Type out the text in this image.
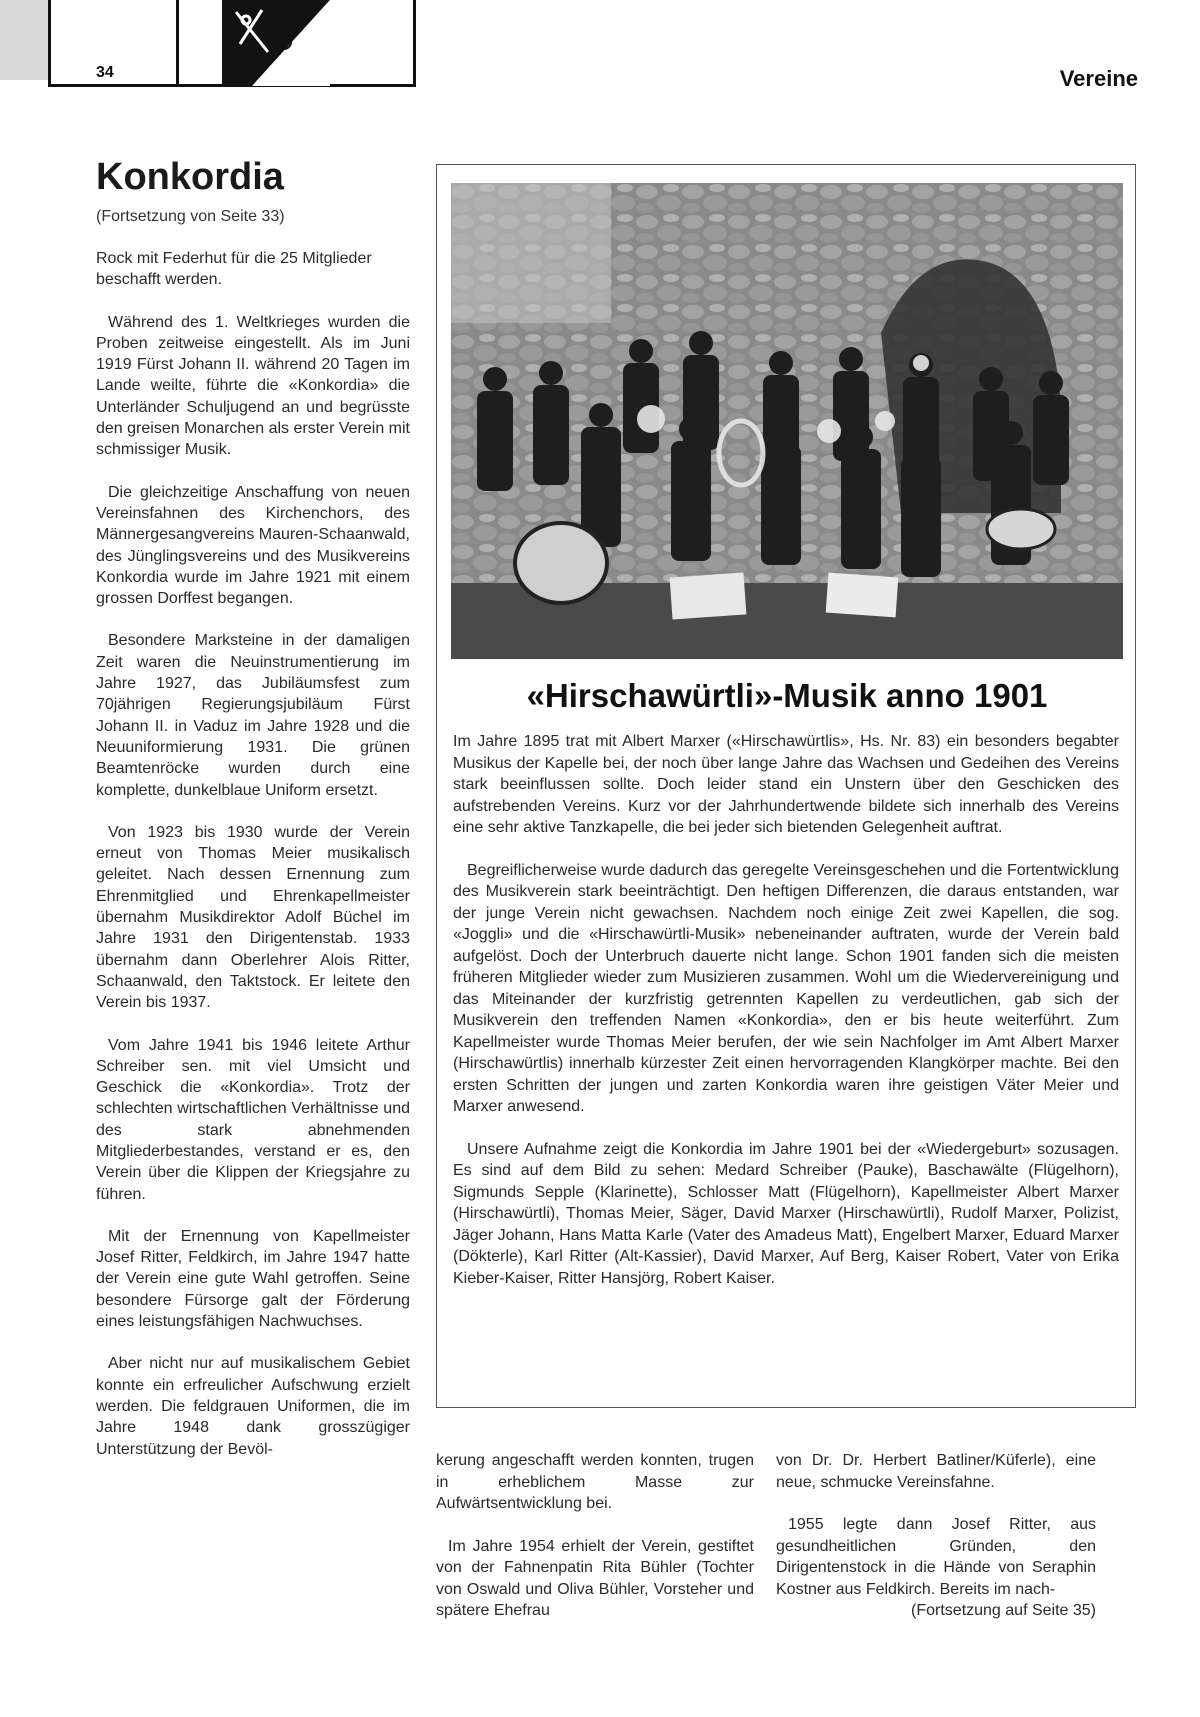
34	Vereine
Konkordia
(Fortsetzung von Seite 33)

Rock mit Federhut für die 25 Mitglieder beschafft werden.

Während des 1. Weltkrieges wurden die Proben zeitweise eingestellt. Als im Juni 1919 Fürst Johann II. während 20 Tagen im Lande weilte, führte die «Konkordia» die Unterländer Schuljugend an und begrüsste den greisen Monarchen als erster Verein mit schmissiger Musik.

Die gleichzeitige Anschaffung von neuen Vereinsfahnen des Kirchenchors, des Männergesangvereins Mauren-Schaanwald, des Jünglingsvereins und des Musikvereins Konkordia wurde im Jahre 1921 mit einem grossen Dorffest begangen.

Besondere Marksteine in der damaligen Zeit waren die Neuinstrumentierung im Jahre 1927, das Jubiläumsfest zum 70jährigen Regierungsjubiläum Fürst Johann II. in Vaduz im Jahre 1928 und die Neuuniformierung 1931. Die grünen Beamtenröcke wurden durch eine komplette, dunkelblaue Uniform ersetzt.

Von 1923 bis 1930 wurde der Verein erneut von Thomas Meier musikalisch geleitet. Nach dessen Ernennung zum Ehrenmitglied und Ehrenkapellmeister übernahm Musikdirektor Adolf Büchel im Jahre 1931 den Dirigentenstab. 1933 übernahm dann Oberlehrer Alois Ritter, Schaanwald, den Taktstock. Er leitete den Verein bis 1937.

Vom Jahre 1941 bis 1946 leitete Arthur Schreiber sen. mit viel Umsicht und Geschick die «Konkordia». Trotz der schlechten wirtschaftlichen Verhältnisse und des stark abnehmenden Mitgliederbestandes, verstand er es, den Verein über die Klippen der Kriegsjahre zu führen.

Mit der Ernennung von Kapellmeister Josef Ritter, Feldkirch, im Jahre 1947 hatte der Verein eine gute Wahl getroffen. Seine besondere Fürsorge galt der Förderung eines leistungsfähigen Nachwuchses.

Aber nicht nur auf musikalischem Gebiet konnte ein erfreulicher Aufschwung erzielt werden. Die feldgrauen Uniformen, die im Jahre 1948 dank grosszügiger Unterstützung der Bevöl-

«Hirschawürtli»-Musik anno 1901

Im Jahre 1895 trat mit Albert Marxer («Hirschawürtlis», Hs. Nr. 83) ein besonders begabter Musikus der Kapelle bei, der noch über lange Jahre das Wachsen und Gedeihen des Vereins stark beeinflussen sollte. Doch leider stand ein Unstern über den Geschicken des aufstrebenden Vereins. Kurz vor der Jahrhundertwende bildete sich innerhalb des Vereins eine sehr aktive Tanzkapelle, die bei jeder sich bietenden Gelegenheit auftrat.

Begreiflicherweise wurde dadurch das geregelte Vereinsgeschehen und die Fortentwicklung des Musikverein stark beeinträchtigt. Den heftigen Differenzen, die daraus entstanden, war der junge Verein nicht gewachsen. Nachdem noch einige Zeit zwei Kapellen, die sog. «Joggli» und die «Hirschawürtli-Musik» nebeneinander auftraten, wurde der Verein bald aufgelöst. Doch der Unterbruch dauerte nicht lange. Schon 1901 fanden sich die meisten früheren Mitglieder wieder zum Musizieren zusammen. Wohl um die Wiedervereinigung und das Miteinander der kurzfristig getrennten Kapellen zu verdeutlichen, gab sich der Musikverein den treffenden Namen «Konkordia», den er bis heute weiterführt. Zum Kapellmeister wurde Thomas Meier berufen, der wie sein Nachfolger im Amt Albert Marxer (Hirschawürtlis) innerhalb kürzester Zeit einen hervorragenden Klangkörper machte. Bei den ersten Schritten der jungen und zarten Konkordia waren ihre geistigen Väter Meier und Marxer anwesend.

Unsere Aufnahme zeigt die Konkordia im Jahre 1901 bei der «Wiedergeburt» sozusagen. Es sind auf dem Bild zu sehen: Medard Schreiber (Pauke), Baschawälte (Flügelhorn), Sigmunds Sepple (Klarinette), Schlosser Matt (Flügelhorn), Kapellmeister Albert Marxer (Hirschawürtli), Thomas Meier, Säger, David Marxer (Hirschawürtli), Rudolf Marxer, Polizist, Jäger Johann, Hans Matta Karle (Vater des Amadeus Matt), Engelbert Marxer, Eduard Marxer (Dökterle), Karl Ritter (Alt-Kassier), David Marxer, Auf Berg, Kaiser Robert, Vater von Erika Kieber-Kaiser, Ritter Hansjörg, Robert Kaiser.

kerung angeschafft werden konnten, trugen in erheblichem Masse zur Aufwärtsentwicklung bei.

Im Jahre 1954 erhielt der Verein, gestiftet von der Fahnenpatin Rita Bühler (Tochter von Oswald und Oliva Bühler, Vorsteher und spätere Ehefrau

von Dr. Dr. Herbert Batliner/Küferle), eine neue, schmucke Vereinsfahne.

1955 legte dann Josef Ritter, aus gesundheitlichen Gründen, den Dirigentenstock in die Hände von Seraphin Kostner aus Feldkirch. Bereits im nach-

(Fortsetzung auf Seite 35)
